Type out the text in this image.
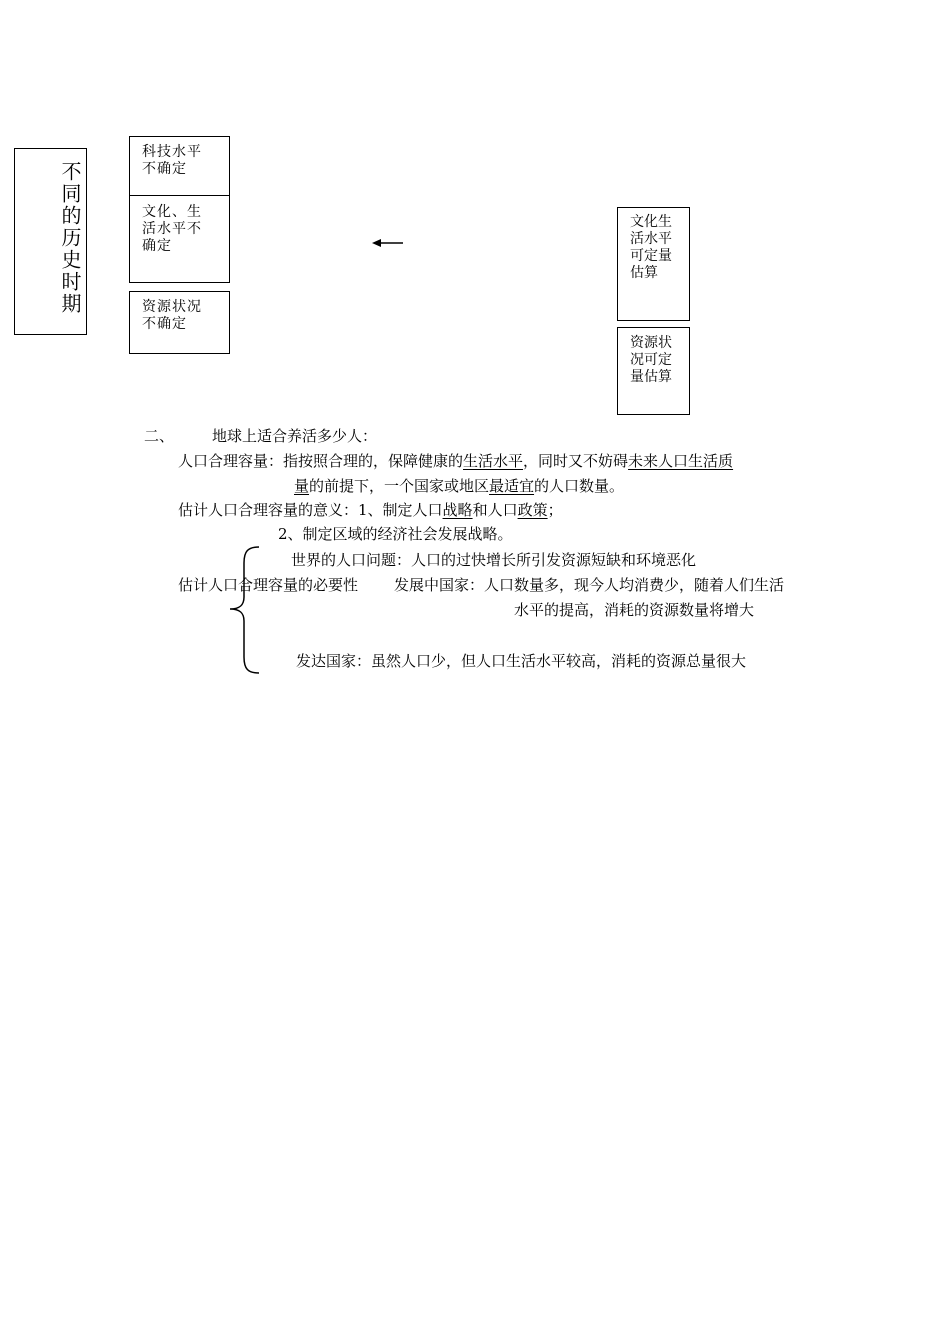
不同的历史时期
科技水平
不确定
文化、生
活水平不
确定
资源状况
不确定
文化生
活水平
可定量
估算
资源状
况可定
量估算
二、	地球上适合养活多少人：
人口合理容量：指按照合理的，保障健康的生活水平，同时又不妨碍未来人口生活质
量的前提下，一个国家或地区最适宜的人口数量。
估计人口合理容量的意义：1、制定人口战略和人口政策；
2、制定区域的经济社会发展战略。
世界的人口问题：人口的过快增长所引发资源短缺和环境恶化
估计人口合理容量的必要性 发展中国家：人口数量多，现今人均消费少，随着人们生活
水平的提高，消耗的资源数量将增大
发达国家：虽然人口少，但人口生活水平较高，消耗的资源总量很大
